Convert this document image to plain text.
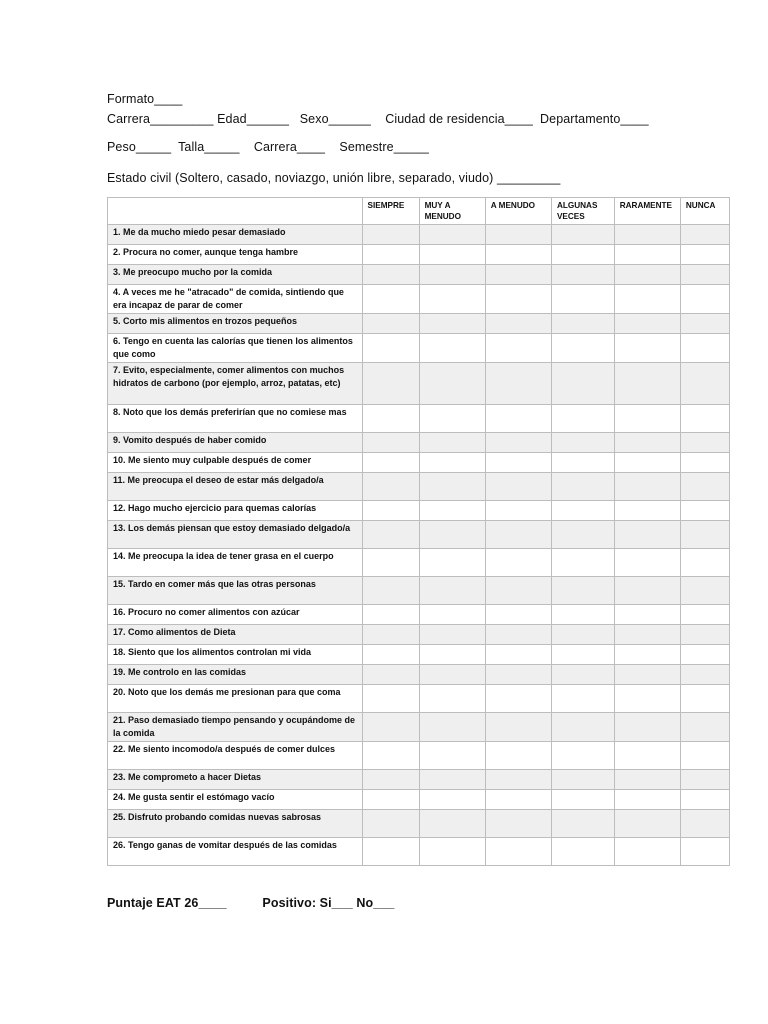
Formato____
Carrera_________ Edad______   Sexo______    Ciudad de residencia____  Departamento____
Peso_____  Talla_____    Carrera____    Semestre_____
Estado civil (Soltero, casado, noviazgo, unión libre, separado, viudo) _________
	SIEMPRE	MUY A MENUDO	A MENUDO	ALGUNAS VECES	RARAMENTE	NUNCA
1. Me da mucho miedo pesar demasiado						
2. Procura no comer, aunque tenga hambre						
3. Me preocupo mucho por la comida						
4. A veces me he "atracado" de comida, sintiendo que era incapaz de parar de comer						
5. Corto mis alimentos en trozos pequeños						
6. Tengo en cuenta las calorías que tienen los alimentos que como						
7. Evito, especialmente, comer alimentos con muchos hidratos de carbono (por ejemplo, arroz, patatas, etc)						
8. Noto que los demás preferirían que no comiese mas						
9. Vomito después de haber comido						
10. Me siento muy culpable después de comer						
11. Me preocupa el deseo de estar más delgado/a						
12. Hago mucho ejercicio para quemas calorías						
13. Los demás piensan que estoy demasiado delgado/a						
14. Me preocupa la idea de tener grasa en el cuerpo						
15. Tardo en comer más que las otras personas						
16. Procuro no comer alimentos con azúcar						
17. Como alimentos de Dieta						
18. Siento que los alimentos controlan mi vida						
19. Me controlo en las comidas						
20. Noto que los demás me presionan para que coma						
21. Paso demasiado tiempo pensando y ocupándome de la comida						
22. Me siento incomodo/a después de comer dulces						
23. Me comprometo a hacer Dietas						
24. Me gusta sentir el estómago vacío						
25. Disfruto probando comidas nuevas sabrosas						
26. Tengo ganas de vomitar después de las comidas						
Puntaje EAT 26____          Positivo: Si___ No___
